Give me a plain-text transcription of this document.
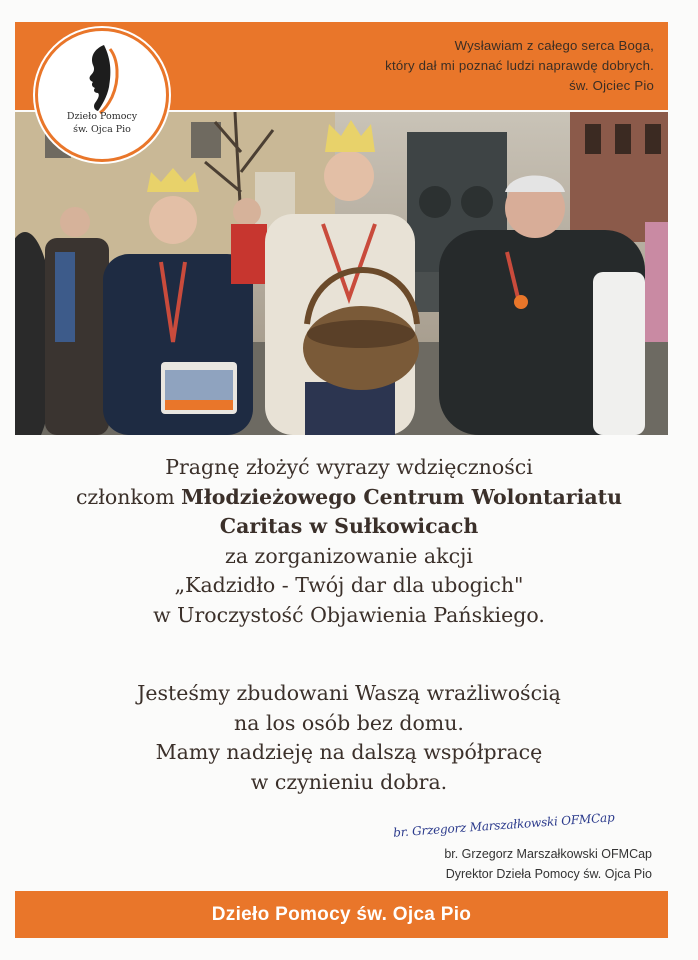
Wysławiam z całego serca Boga,
który dał mi poznać ludzi naprawdę dobrych.
św. Ojciec Pio
Dzieło Pomocy
św. Ojca Pio
Pragnę złożyć wyrazy wdzięczności
członkom Młodzieżowego Centrum Wolontariatu
Caritas w Sułkowicach
za zorganizowanie akcji
„Kadzidło - Twój dar dla ubogich"
w Uroczystość Objawienia Pańskiego.
Jesteśmy zbudowani Waszą wrażliwością
na los osób bez domu.
Mamy nadzieję na dalszą współpracę
w czynieniu dobra.
br. Grzegorz Marszałkowski OFMCap
br. Grzegorz Marszałkowski OFMCap
Dyrektor Dzieła Pomocy św. Ojca Pio
Dzieło Pomocy św. Ojca Pio
